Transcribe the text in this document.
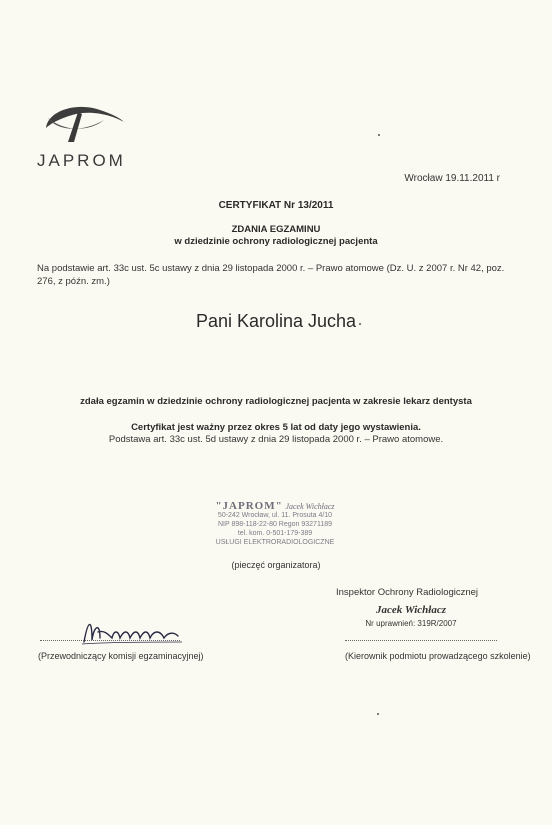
JAPROM
Wrocław 19.11.2011 r
CERTYFIKAT Nr 13/2011
ZDANIA EGZAMINU
w dziedzinie ochrony radiologicznej pacjenta
Na podstawie art. 33c ust. 5c ustawy z dnia 29 listopada 2000 r. – Prawo atomowe (Dz. U. z 2007 r. Nr 42, poz. 276, z późn. zm.)
Pani Karolina Jucha
zdała egzamin w dziedzinie ochrony radiologicznej pacjenta w zakresie lekarz dentysta
Certyfikat jest ważny przez okres 5 lat od daty jego wystawienia.
Podstawa art. 33c ust. 5d ustawy z dnia 29 listopada 2000 r. – Prawo atomowe.
"JAPROM" Jacek Wichłacz
50-242 Wrocław, ul. 11. Prosuta 4/10
NIP 898-118-22-80 Regon 93271189
tel. kom. 0-501-179-389
USŁUGI ELEKTRORADIOLOGICZNE
(pieczęć organizatora)
Inspektor Ochrony Radiologicznej
Jacek Wichłacz
Nr uprawnień: 319R/2007
(Przewodniczący komisji egzaminacyjnej)	(Kierownik podmiotu prowadzącego szkolenie)
